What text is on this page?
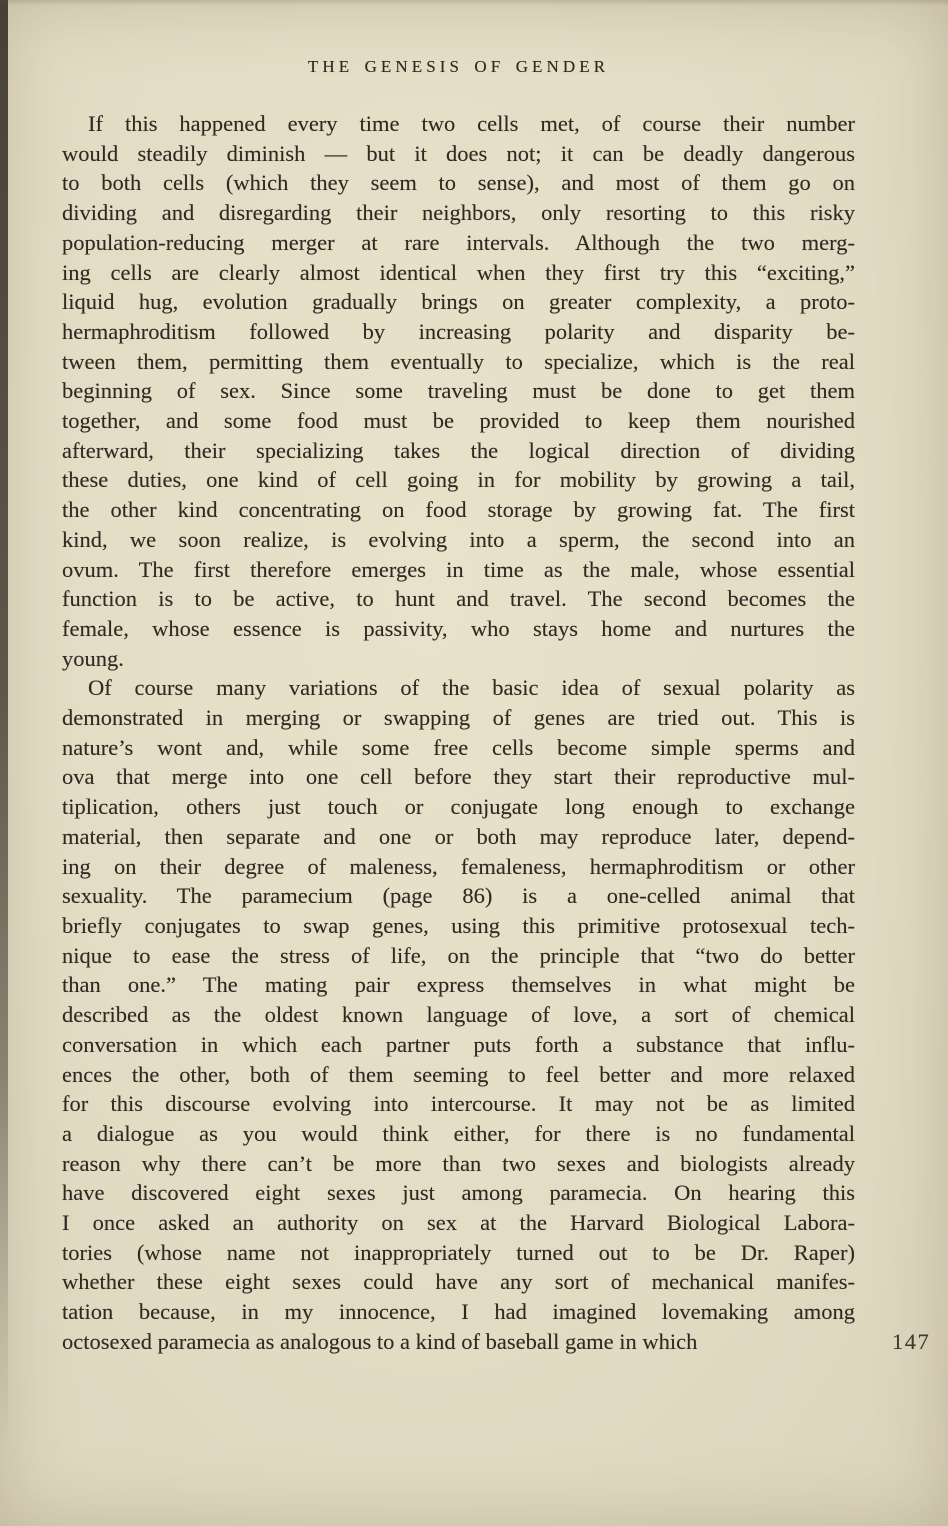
THE GENESIS OF GENDER
If this happened every time two cells met, of course their number
would steadily diminish — but it does not; it can be deadly dangerous
to both cells (which they seem to sense), and most of them go on
dividing and disregarding their neighbors, only resorting to this risky
population-reducing merger at rare intervals. Although the two merg-
ing cells are clearly almost identical when they first try this “exciting,”
liquid hug, evolution gradually brings on greater complexity, a proto-
hermaphroditism followed by increasing polarity and disparity be-
tween them, permitting them eventually to specialize, which is the real
beginning of sex. Since some traveling must be done to get them
together, and some food must be provided to keep them nourished
afterward, their specializing takes the logical direction of dividing
these duties, one kind of cell going in for mobility by growing a tail,
the other kind concentrating on food storage by growing fat. The first
kind, we soon realize, is evolving into a sperm, the second into an
ovum. The first therefore emerges in time as the male, whose essential
function is to be active, to hunt and travel. The second becomes the
female, whose essence is passivity, who stays home and nurtures the
young.
Of course many variations of the basic idea of sexual polarity as
demonstrated in merging or swapping of genes are tried out. This is
nature’s wont and, while some free cells become simple sperms and
ova that merge into one cell before they start their reproductive mul-
tiplication, others just touch or conjugate long enough to exchange
material, then separate and one or both may reproduce later, depend-
ing on their degree of maleness, femaleness, hermaphroditism or other
sexuality. The paramecium (page 86) is a one-celled animal that
briefly conjugates to swap genes, using this primitive protosexual tech-
nique to ease the stress of life, on the principle that “two do better
than one.” The mating pair express themselves in what might be
described as the oldest known language of love, a sort of chemical
conversation in which each partner puts forth a substance that influ-
ences the other, both of them seeming to feel better and more relaxed
for this discourse evolving into intercourse. It may not be as limited
a dialogue as you would think either, for there is no fundamental
reason why there can’t be more than two sexes and biologists already
have discovered eight sexes just among paramecia. On hearing this
I once asked an authority on sex at the Harvard Biological Labora-
tories (whose name not inappropriately turned out to be Dr. Raper)
whether these eight sexes could have any sort of mechanical manifes-
tation because, in my innocence, I had imagined lovemaking among
octosexed paramecia as analogous to a kind of baseball game in which	147
